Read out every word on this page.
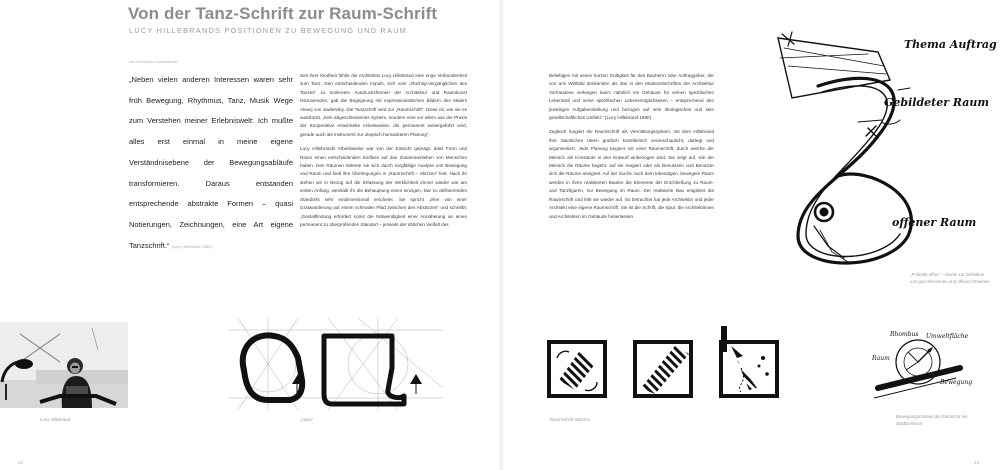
Von der Tanz-Schrift zur Raum-Schrift
LUCY HILLEBRANDS POSITIONEN ZU BEWEGUNG UND RAUM
von Edeltraud Haselwander
„Neben vielen anderen Interessen waren sehr früh Bewegung, Rhythmus, Tanz, Musik Wege zum Verstehen meiner Erlebniswelt: Ich mußte alles erst einmal in meine eigene Verständnisebene der Bewegungsabläufe transformieren. Daraus entstanden entsprechende abstrakte Formen – quasi Notierungen, Zeichnungen, eine Art eigene Tanzschrift.“ (Lucy Hillebrand 1986)

Seit ihrer Kindheit fühlte die Architektin Lucy Hillebrand eine enge Verbundenheit zum Tanz. Den entscheidenden Impuls, sich vom „Flüchtig-Vergänglichen des Tanzes“ zu konkreten Ausdrucksformen der Architektur und Raumkunst hinzuwenden, gab die Begegnung mit expressionistischen Bildern des Malers Alexej von Jawlensky. Die Tanzschrift wird zur „Raumschrift“. Diese ist, wie sie es ausdrückt, „kein abgeschlossenes System, sondern eine vor allem aus der Praxis der Kooperative entwickelte Arbeitsweise, die permanent weitergeführt wird, gerade auch als Instrument zur utopisch-humanitären Planung“.

Lucy Hillebrands Arbeitsweise war von der Einsicht geprägt, dass Form und Raum einen entscheidenden Einfluss auf das Zusammenleben von Menschen haben. Den Räumen näherte sie sich durch sorgfältige Analyse von Bewegung und Raum und hielt ihre Überlegungen in „Raumschrift – Skizzen“ fest. Nach ihr stehen wir in Bezug auf die Erfassung der Wirklichkeit immer wieder wie am ersten Anfang, weshalb ihr die Behauptung eines einzigen, klar zu definierenden Standorts sehr eindimensional erscheint. Sie spricht „eher von einer Gratwanderung auf einem schmalen Pfad zwischen den Abstürzen“ und schreibt: „Gestaltfindung erfordert somit die Notwendigkeit einer Annäherung an einen permanent zu überprüfenden Standort – jenseits der üblichen Vielfalt des

Lucy Hillebrand	„Haus“
22

Beliebigen mit seiner kurzen Gültigkeit für den Bauherrn oder Auftraggeber, der von ans Weltbild denkenden als das in den Modezeitschriften der Architektur Vorhandene verlangen kann: nämlich ein Gehäuse für seinen spezifischen Lebensstil und seine spezifischen Lebensmöglichkeiten – entsprechend den jeweiligen Aufgabenstellung und bezogen auf sein ökologisches und sein gesellschaftliches Umfeld.“ (Lucy Hillebrand 1990)

Zugleich fungiert die Raumschrift als Vermittlungssystem, mit dem Hillebrand ihre räumlichen Ideen grafisch künstlerisch veranschaulicht, darlegt und argumentiert. Jede Planung beginnt mit einer Raumschrift, durch welche der Mensch als Konstante in den Entwurf einbezogen wird. Sie zeigt auf, wie der Mensch die Räume begeht, auf sie reagiert oder als Benutzerin und Benutzer sich die Räume aneignet. Auf der Suche nach dem lebendigen, bewegten Raum werden in ihren realisierten Bauten die Elemente der Erschließung zu Raum- und Tanzfiguren, zur Bewegung im Raum. Der realisierte Bau entgleitet die Raumschrift und lebt sie wieder auf. So betrachtet hat jede Architektin und jeder Architekt eine eigene Raumschrift. Sie ist die Schrift, die Spur, die Architektinnen und Architekten im Gebäude hinterlassen.

Thema Auftrag
Gebildeter Raum
offener Raum
„Polarität offen“ – Studie zur Definition von geschlossenen und offenen Räumen
Raumschrift-Skizzen
Rhombus Umweltfläche
Raum
Bewegung
Bewegungsrotation als Studie für ein Stadtzentrum
23
